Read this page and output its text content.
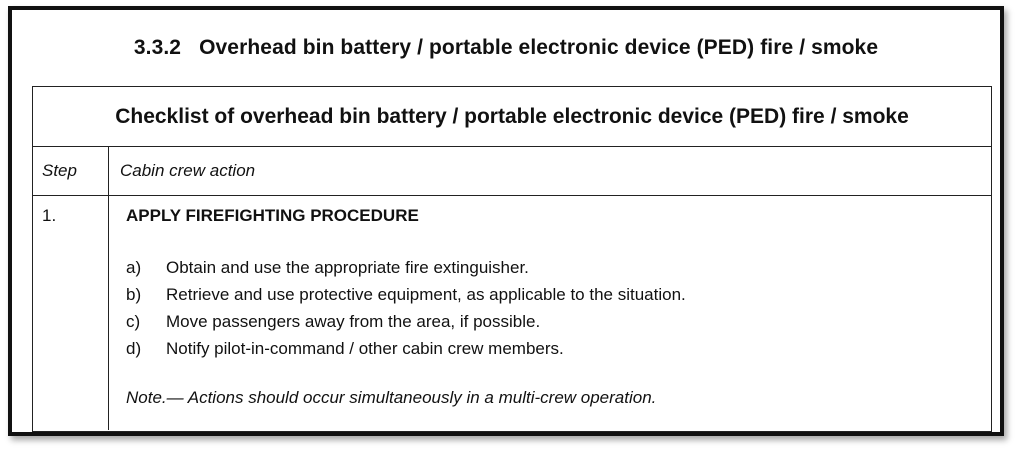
3.3.2 Overhead bin battery / portable electronic device (PED) fire / smoke
Checklist of overhead bin battery / portable electronic device (PED) fire / smoke
Step	Cabin crew action
1.	APPLY FIREFIGHTING PROCEDURE
a)	Obtain and use the appropriate fire extinguisher.
b)	Retrieve and use protective equipment, as applicable to the situation.
c)	Move passengers away from the area, if possible.
d)	Notify pilot-in-command / other cabin crew members.
Note.— Actions should occur simultaneously in a multi-crew operation.
